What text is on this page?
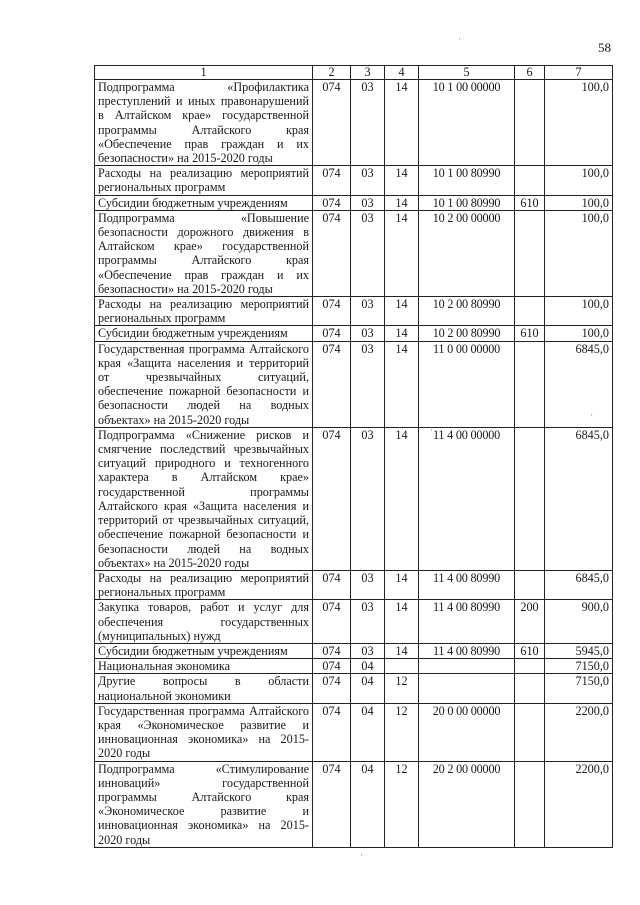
58
·
·
·
·
1	2	3	4	5	6	7
Подпрограмма «Профилактика преступлений и иных правонарушений в Алтайском крае» государственной программы Алтайского края «Обеспечение прав граждан и их безопасности» на 2015-2020 годы	074	03	14	10 1 00 00000		100,0
Расходы на реализацию мероприятий региональных программ	074	03	14	10 1 00 80990		100,0
Субсидии бюджетным учреждениям	074	03	14	10 1 00 80990	610	100,0
Подпрограмма «Повышение безопасности дорожного движения в Алтайском крае» государственной программы Алтайского края «Обеспечение прав граждан и их безопасности» на 2015-2020 годы	074	03	14	10 2 00 00000		100,0
Расходы на реализацию мероприятий региональных программ	074	03	14	10 2 00 80990		100,0
Субсидии бюджетным учреждениям	074	03	14	10 2 00 80990	610	100,0
Государственная программа Алтайского края «Защита населения и территорий от чрезвычайных ситуаций, обеспечение пожарной безопасности и безопасности людей на водных объектах» на 2015-2020 годы	074	03	14	11 0 00 00000		6845,0
Подпрограмма «Снижение рисков и смягчение последствий чрезвычайных ситуаций природного и техногенного характера в Алтайском крае» государственной программы Алтайского края «Защита населения и территорий от чрезвычайных ситуаций, обеспечение пожарной безопасности и безопасности людей на водных объектах» на 2015-2020 годы	074	03	14	11 4 00 00000		6845,0
Расходы на реализацию мероприятий региональных программ	074	03	14	11 4 00 80990		6845,0
Закупка товаров, работ и услуг для обеспечения государственных (муниципальных) нужд	074	03	14	11 4 00 80990	200	900,0
Субсидии бюджетным учреждениям	074	03	14	11 4 00 80990	610	5945,0
Национальная экономика	074	04				7150,0
Другие вопросы в области национальной экономики	074	04	12			7150,0
Государственная программа Алтайского края «Экономическое развитие и инновационная экономика» на 2015-2020 годы	074	04	12	20 0 00 00000		2200,0
Подпрограмма «Стимулирование инноваций» государственной программы Алтайского края «Экономическое развитие и инновационная экономика» на 2015-2020 годы	074	04	12	20 2 00 00000		2200,0
